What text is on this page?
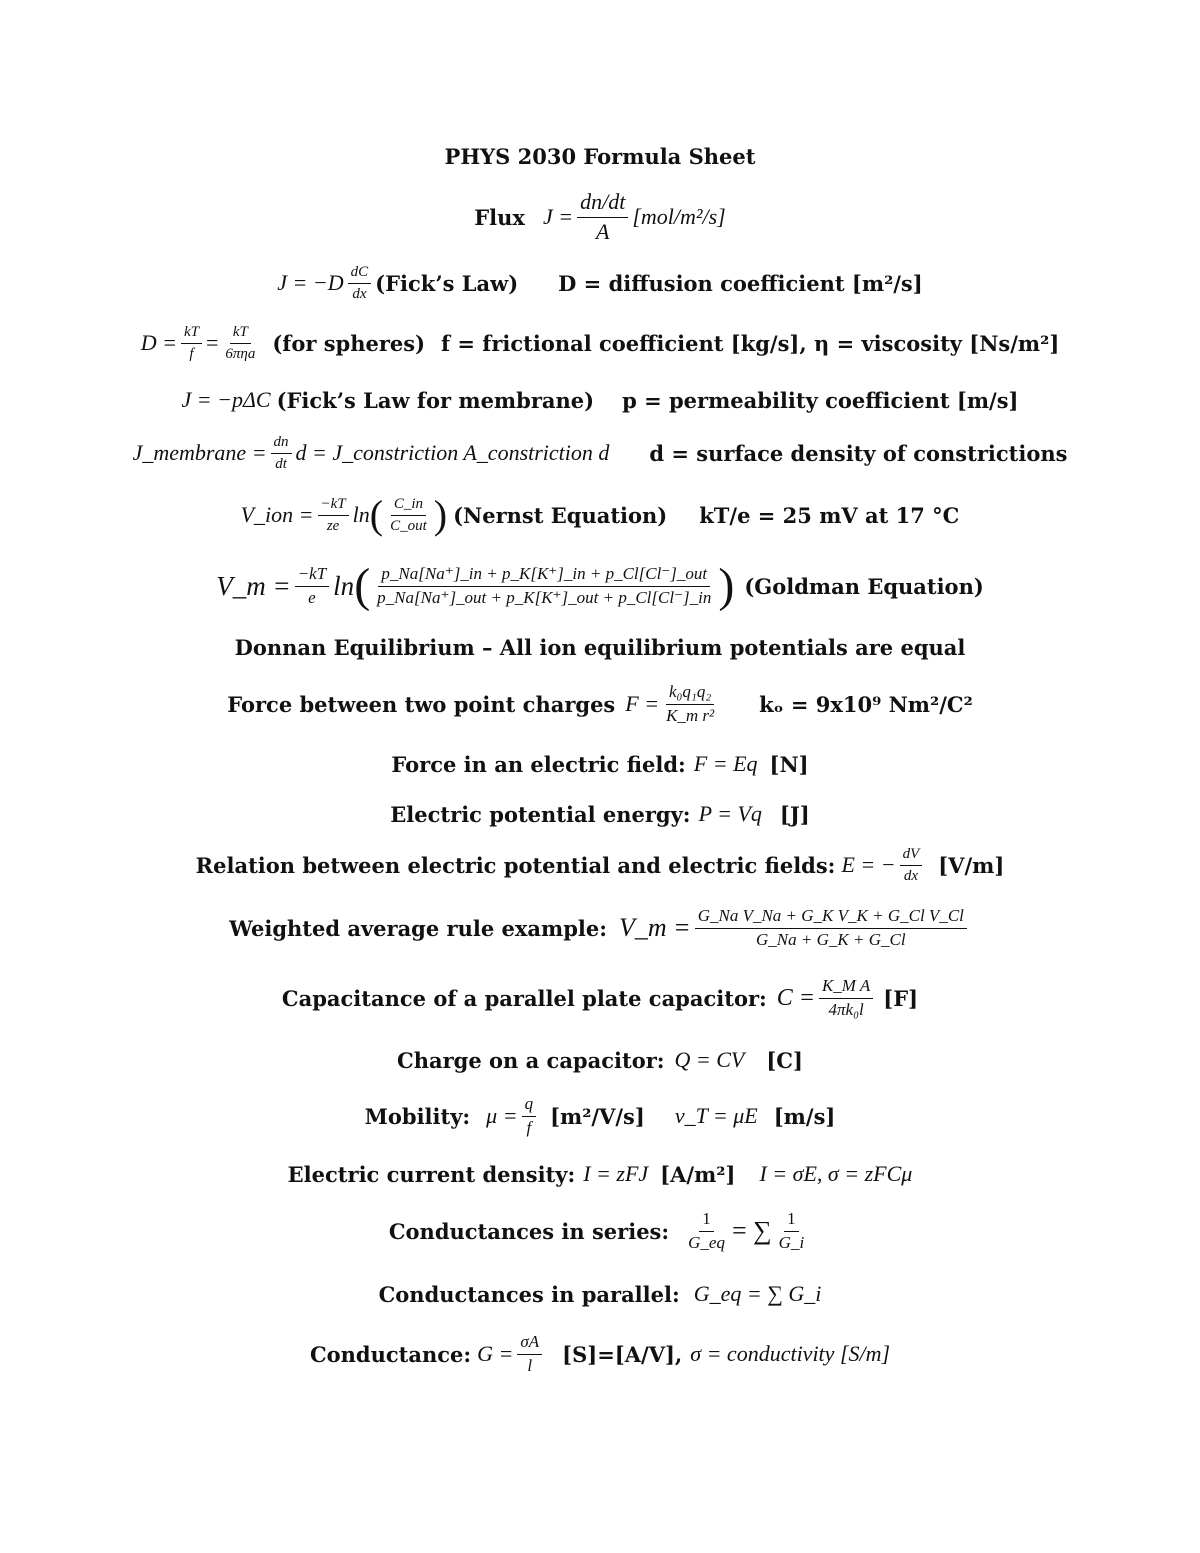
PHYS 2030 Formula Sheet
Flux $J = \frac{dn/dt}{A} [mol/m^2/s]$
$J = -D \frac{dC}{dx}$ (Fick’s Law) D = diffusion coefficient [m²/s]
$D = \frac{kT}{f} = \frac{kT}{\text{6πηa}} (for$ spheres) f = frictional coefficient [kg/s], η = viscosity [Ns/m²]
J = −pΔC (Fick’s Law for membrane) p = permeability coefficient [m/s]
J_membrane = $\frac{dn}{dt}$ d = J_constriction A_constriction d d = surface density of constrictions
V_ion = $\frac{-kT}{ze}$ ln ( $\frac{C\_in}{\text{C\_out}}$ ) (Nernst Equation) kT/e = 25 mV at 17 °C
V_m = $\frac{-kT}{e}$ ln ( $\frac{\text{p\_Na[Na⁺]\_in + p\_K[K⁺]\_in + p\_Cl[Cl⁻]\_out}}{\text{p\_Na[Na⁺]\_out + p\_K[K⁺]\_out + p\_Cl[Cl⁻]\_in}}$ ) (Goldman Equation)
Donnan Equilibrium – All ion equilibrium potentials are equal
Force between two point charges $F = \frac{\text{k₀q₁q₂}}{\text{K\_m r²}}$ kₒ = 9x10⁹ Nm²/C²
Force in an electric field: F = Eq [N]
Electric potential energy: P = Vq [J]
Relation between electric potential and electric fields: E = − $\frac{dV}{dx} [V/m]$
Weighted average rule example: V_m = $\frac{\text{G\_Na V\_Na + G\_K V\_K + G\_Cl V\_Cl}}{G\_Na + G\_K + G\_Cl}$
Capacitance of a parallel plate capacitor: $C = \frac{\text{K\_M A}}{\text{4πk₀l}} [F]$
Charge on a capacitor: Q = CV [C]
Mobility: $\mu = \frac{q}{f} [m^2/V/s]$ v_T = μE [m/s]
Electric current density: I = zFJ [A/m²] I = σE, σ = zFCμ
Conductances in series: $\frac{1}{G\_eq}$ = ∑ $\frac{1}{G\_i}$
Conductances in parallel: G_eq = ∑ G_i
Conductance: $G = \frac{\sigma A}{l} [S]=[A/V]$, σ = conductivity [S/m]
